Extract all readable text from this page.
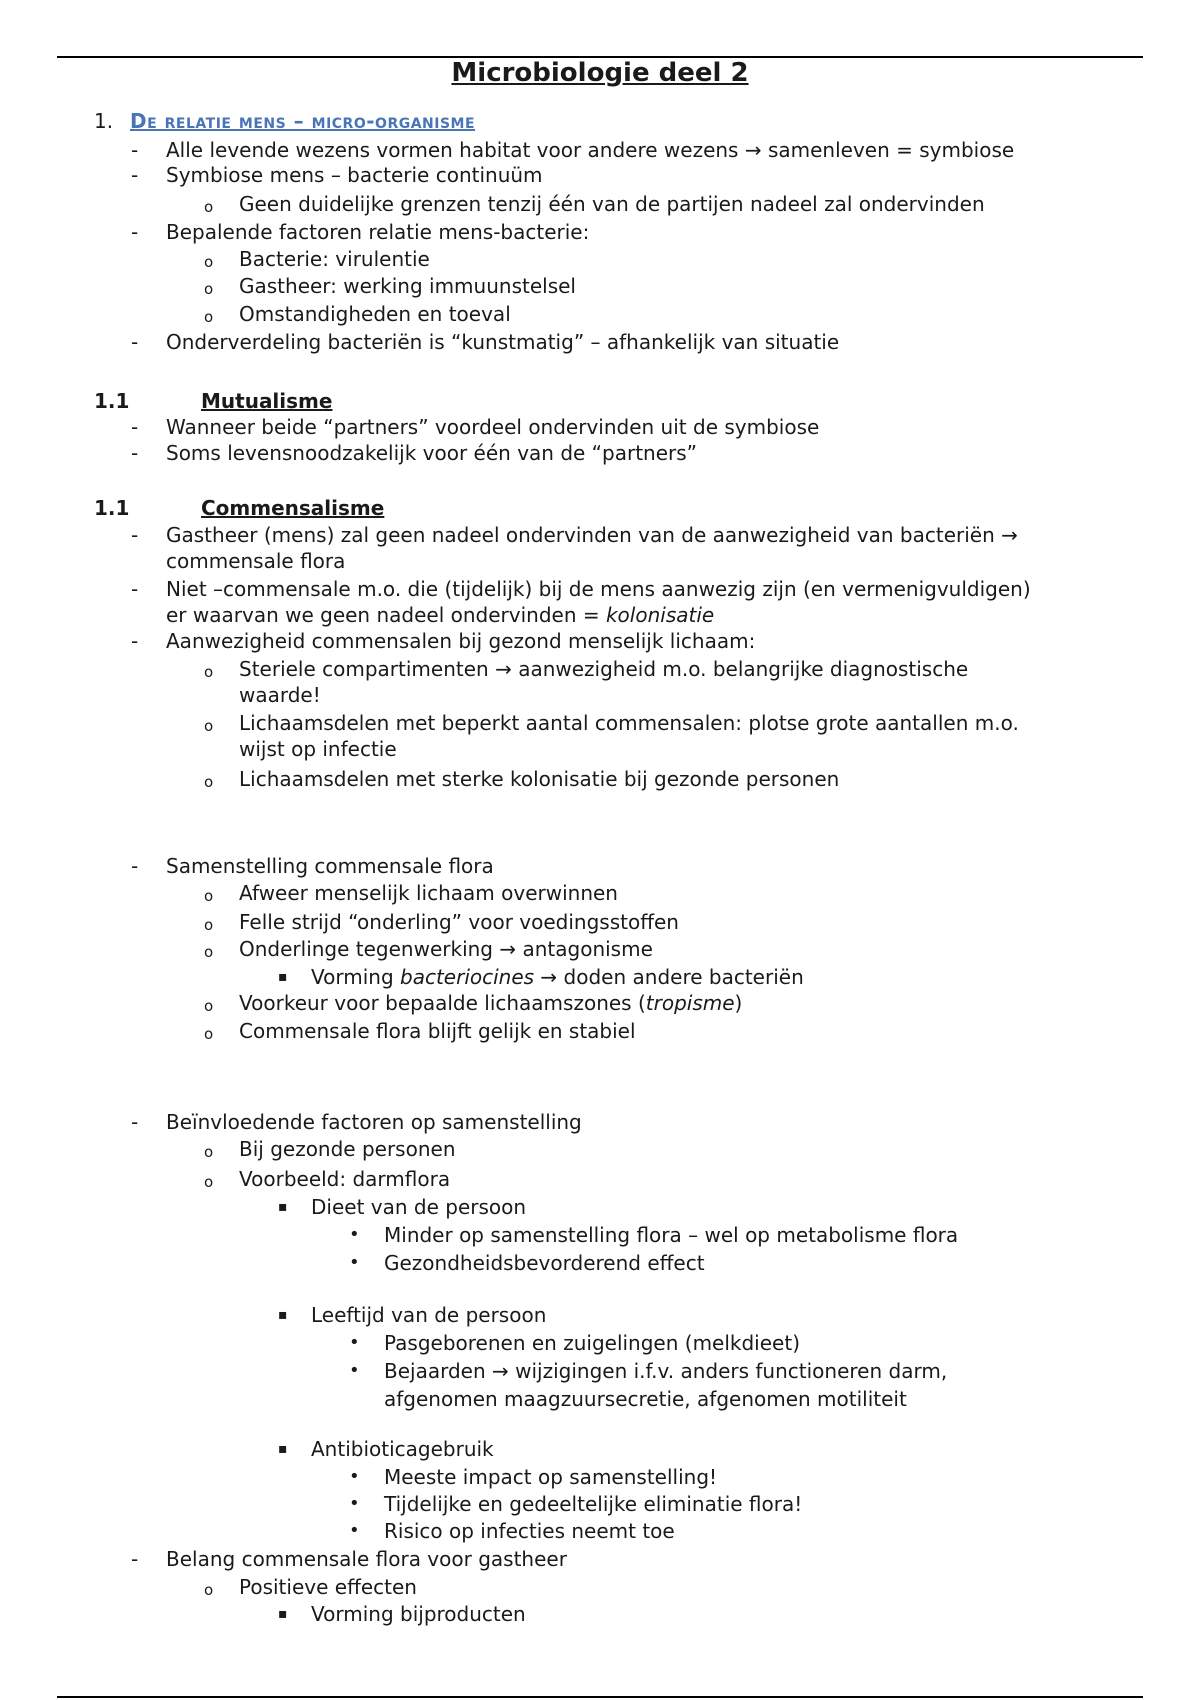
Microbiologie deel 2
1. De relatie mens – micro-organisme
1.1	Mutualisme
1.1	Commensalisme
- Alle levende wezens vormen habitat voor andere wezens → samenleven = symbiose
- Symbiose mens – bacterie continuüm
o Geen duidelijke grenzen tenzij één van de partijen nadeel zal ondervinden
- Bepalende factoren relatie mens-bacterie:
o Bacterie: virulentie
o Gastheer: werking immuunstelsel
o Omstandigheden en toeval
- Onderverdeling bacteriën is “kunstmatig” – afhankelijk van situatie
- Wanneer beide “partners” voordeel ondervinden uit de symbiose
- Soms levensnoodzakelijk voor één van de “partners”
- Gastheer (mens) zal geen nadeel ondervinden van de aanwezigheid van bacteriën →
commensale flora
- Niet –commensale m.o. die (tijdelijk) bij de mens aanwezig zijn (en vermenigvuldigen)
er waarvan we geen nadeel ondervinden = kolonisatie
- Aanwezigheid commensalen bij gezond menselijk lichaam:
o Steriele compartimenten → aanwezigheid m.o. belangrijke diagnostische
waarde!
o Lichaamsdelen met beperkt aantal commensalen: plotse grote aantallen m.o.
wijst op infectie
o Lichaamsdelen met sterke kolonisatie bij gezonde personen
- Samenstelling commensale flora
o Afweer menselijk lichaam overwinnen
o Felle strijd “onderling” voor voedingsstoffen
o Onderlinge tegenwerking → antagonisme
▪ Vorming bacteriocines → doden andere bacteriën
o Voorkeur voor bepaalde lichaamszones (tropisme)
o Commensale flora blijft gelijk en stabiel
- Beïnvloedende factoren op samenstelling
o Bij gezonde personen
o Voorbeeld: darmflora
▪ Dieet van de persoon
• Minder op samenstelling flora – wel op metabolisme flora
• Gezondheidsbevorderend effect
▪ Leeftijd van de persoon
• Pasgeborenen en zuigelingen (melkdieet)
• Bejaarden → wijzigingen i.f.v. anders functioneren darm,
afgenomen maagzuursecretie, afgenomen motiliteit
▪ Antibioticagebruik
• Meeste impact op samenstelling!
• Tijdelijke en gedeeltelijke eliminatie flora!
• Risico op infecties neemt toe
- Belang commensale flora voor gastheer
o Positieve effecten
▪ Vorming bijproducten
